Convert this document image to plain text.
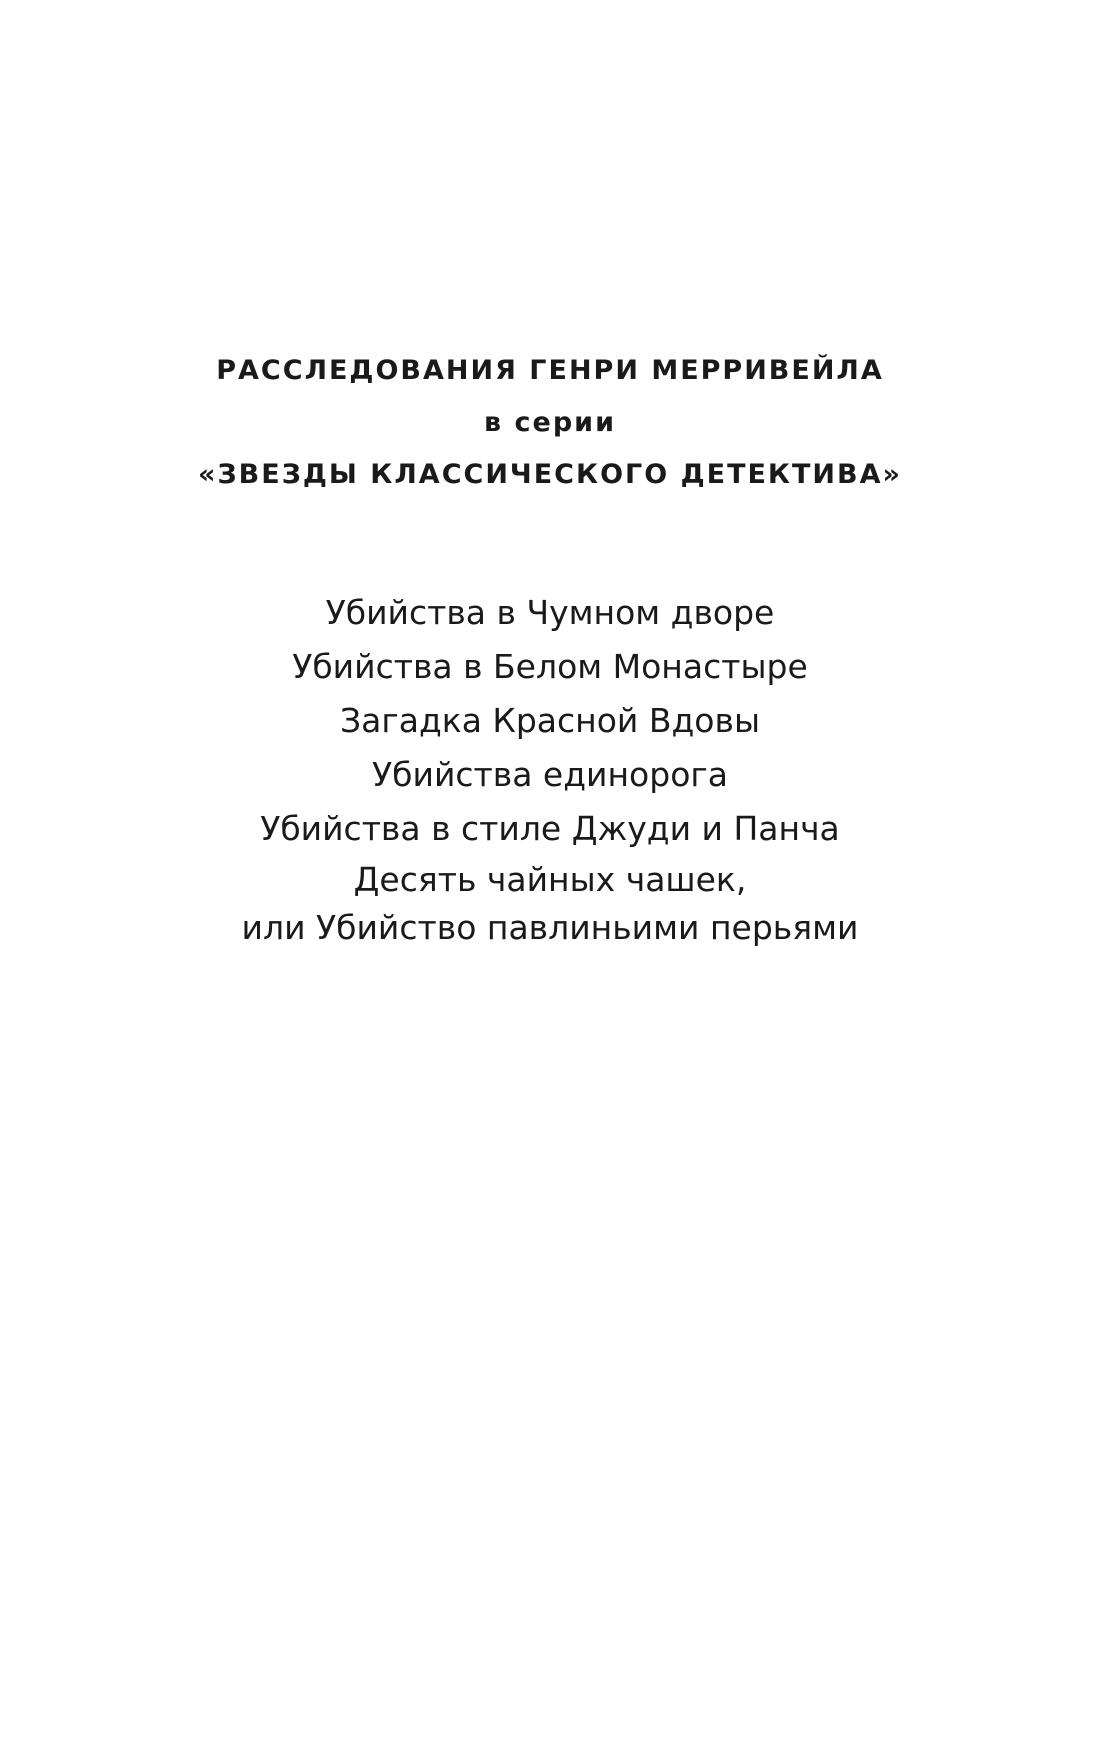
РАССЛЕДОВАНИЯ ГЕНРИ МЕРРИВЕЙЛА
в серии
«ЗВЕЗДЫ КЛАССИЧЕСКОГО ДЕТЕКТИВА»
Убийства в Чумном дворе
Убийства в Белом Монастыре
Загадка Красной Вдовы
Убийства единорога
Убийства в стиле Джуди и Панча
Десять чайных чашек,
или Убийство павлиньими перьями
